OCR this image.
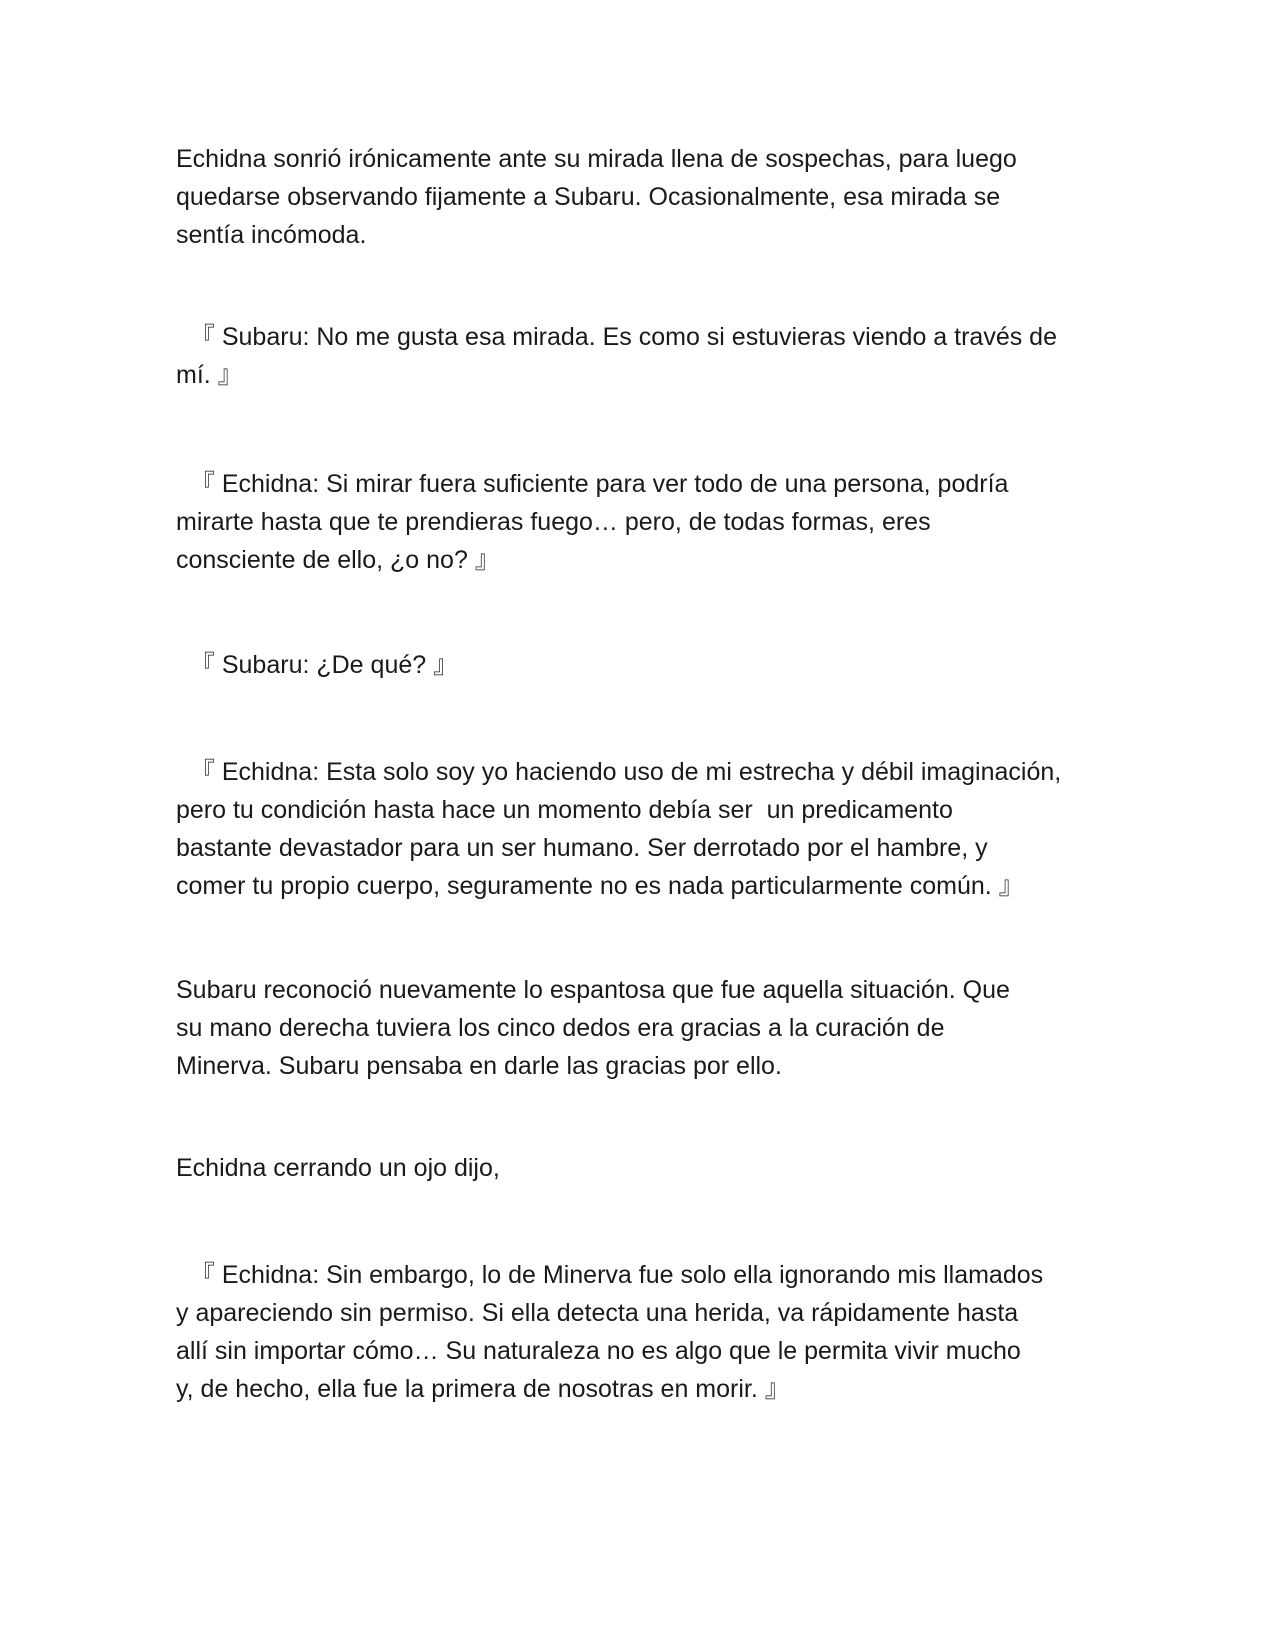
Echidna sonrió irónicamente ante su mirada llena de sospechas, para luego
quedarse observando fijamente a Subaru. Ocasionalmente, esa mirada se
sentía incómoda.

『 Subaru: No me gusta esa mirada. Es como si estuvieras viendo a través de
mí. 』

『 Echidna: Si mirar fuera suficiente para ver todo de una persona, podría
mirarte hasta que te prendieras fuego… pero, de todas formas, eres
consciente de ello, ¿o no? 』

『 Subaru: ¿De qué? 』

『 Echidna: Esta solo soy yo haciendo uso de mi estrecha y débil imaginación,
pero tu condición hasta hace un momento debía ser  un predicamento
bastante devastador para un ser humano. Ser derrotado por el hambre, y
comer tu propio cuerpo, seguramente no es nada particularmente común. 』

Subaru reconoció nuevamente lo espantosa que fue aquella situación. Que
su mano derecha tuviera los cinco dedos era gracias a la curación de
Minerva. Subaru pensaba en darle las gracias por ello.

Echidna cerrando un ojo dijo,

『 Echidna: Sin embargo, lo de Minerva fue solo ella ignorando mis llamados
y apareciendo sin permiso. Si ella detecta una herida, va rápidamente hasta
allí sin importar cómo… Su naturaleza no es algo que le permita vivir mucho
y, de hecho, ella fue la primera de nosotras en morir. 』
